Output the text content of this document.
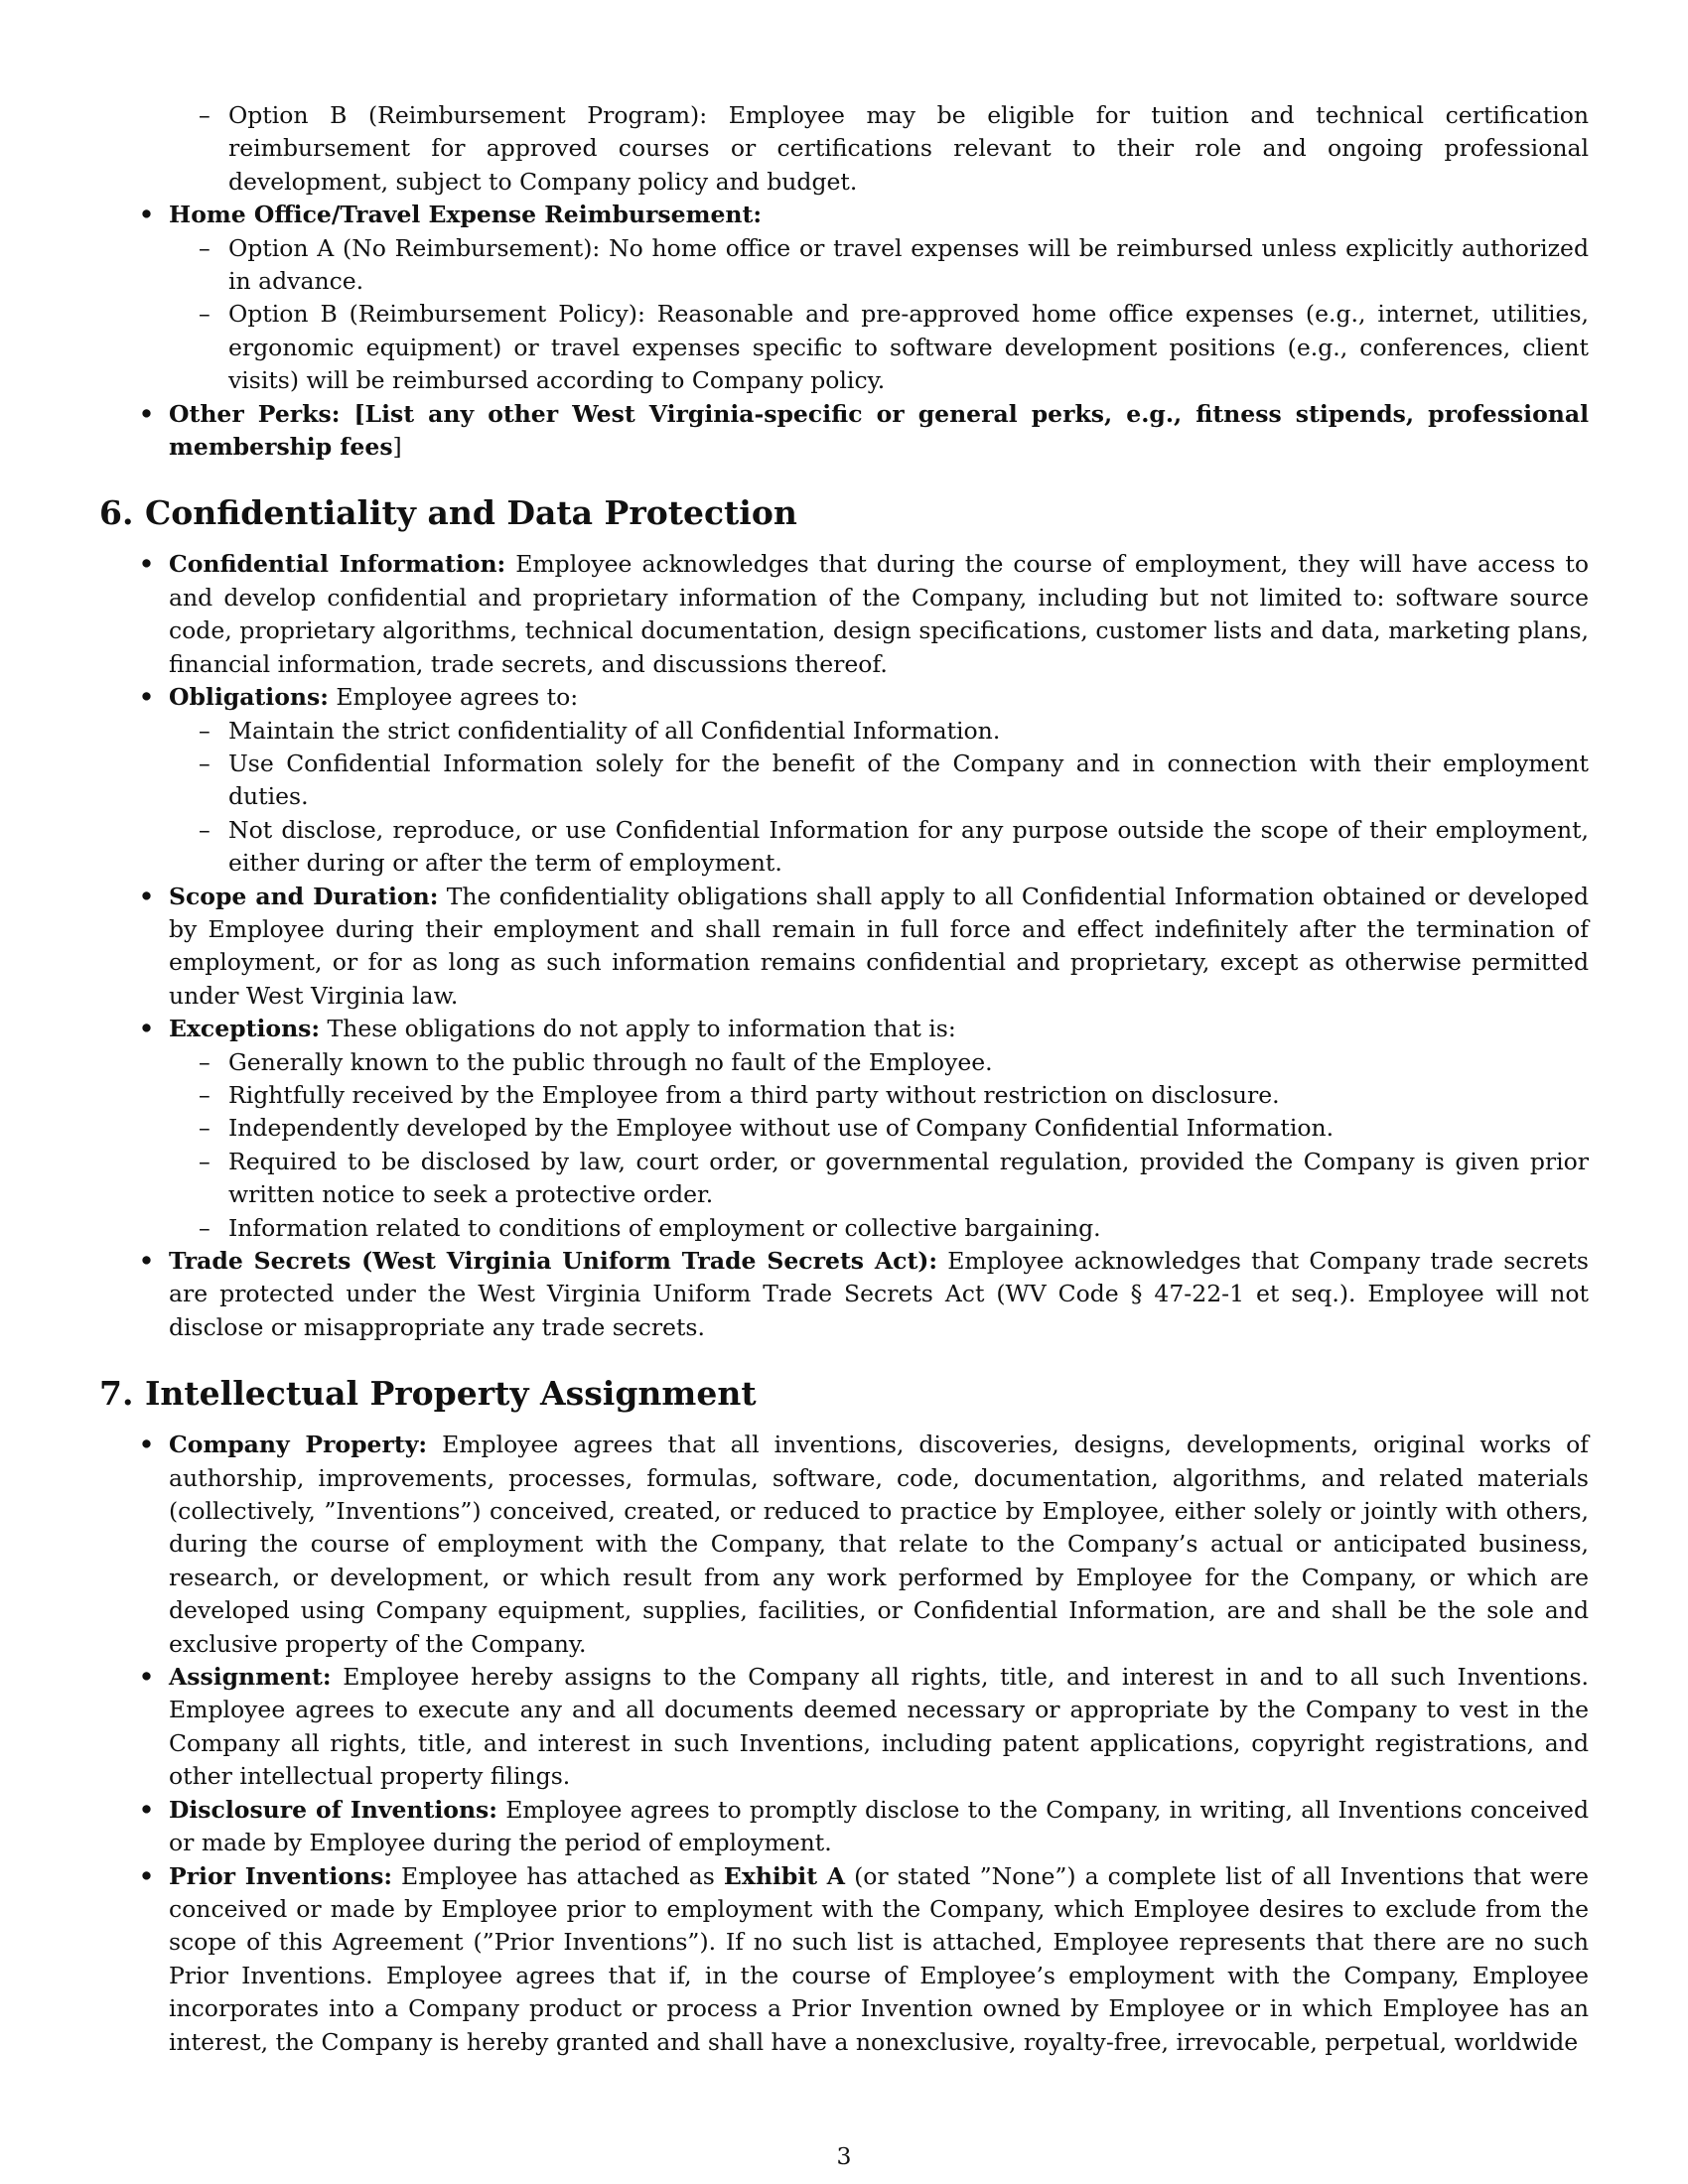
– Option B (Reimbursement Program): Employee may be eligible for tuition and technical certification reimbursement for approved courses or certifications relevant to their role and ongoing professional development, subject to Company policy and budget.
• Home Office/Travel Expense Reimbursement:
– Option A (No Reimbursement): No home office or travel expenses will be reimbursed unless explicitly authorized in advance.
– Option B (Reimbursement Policy): Reasonable and pre-approved home office expenses (e.g., internet, utilities, ergonomic equipment) or travel expenses specific to software development positions (e.g., conferences, client visits) will be reimbursed according to Company policy.
• Other Perks: [List any other West Virginia-specific or general perks, e.g., fitness stipends, professional membership fees]
6. Confidentiality and Data Protection
• Confidential Information: Employee acknowledges that during the course of employment, they will have access to and develop confidential and proprietary information of the Company, including but not limited to: software source code, proprietary algorithms, technical documentation, design specifications, customer lists and data, marketing plans, financial information, trade secrets, and discussions thereof.
• Obligations: Employee agrees to:
– Maintain the strict confidentiality of all Confidential Information.
– Use Confidential Information solely for the benefit of the Company and in connection with their employment duties.
– Not disclose, reproduce, or use Confidential Information for any purpose outside the scope of their employment, either during or after the term of employment.
• Scope and Duration: The confidentiality obligations shall apply to all Confidential Information obtained or developed by Employee during their employment and shall remain in full force and effect indefinitely after the termination of employment, or for as long as such information remains confidential and proprietary, except as otherwise permitted under West Virginia law.
• Exceptions: These obligations do not apply to information that is:
– Generally known to the public through no fault of the Employee.
– Rightfully received by the Employee from a third party without restriction on disclosure.
– Independently developed by the Employee without use of Company Confidential Information.
– Required to be disclosed by law, court order, or governmental regulation, provided the Company is given prior written notice to seek a protective order.
– Information related to conditions of employment or collective bargaining.
• Trade Secrets (West Virginia Uniform Trade Secrets Act): Employee acknowledges that Company trade secrets are protected under the West Virginia Uniform Trade Secrets Act (WV Code § 47-22-1 et seq.). Employee will not disclose or misappropriate any trade secrets.
7. Intellectual Property Assignment
• Company Property: Employee agrees that all inventions, discoveries, designs, developments, original works of authorship, improvements, processes, formulas, software, code, documentation, algorithms, and related materials (collectively, ”Inventions”) conceived, created, or reduced to practice by Employee, either solely or jointly with others, during the course of employment with the Company, that relate to the Company’s actual or anticipated business, research, or development, or which result from any work performed by Employee for the Company, or which are developed using Company equipment, supplies, facilities, or Confidential Information, are and shall be the sole and exclusive property of the Company.
• Assignment: Employee hereby assigns to the Company all rights, title, and interest in and to all such Inventions. Employee agrees to execute any and all documents deemed necessary or appropriate by the Company to vest in the Company all rights, title, and interest in such Inventions, including patent applications, copyright registrations, and other intellectual property filings.
• Disclosure of Inventions: Employee agrees to promptly disclose to the Company, in writing, all Inventions conceived or made by Employee during the period of employment.
• Prior Inventions: Employee has attached as Exhibit A (or stated ”None”) a complete list of all Inventions that were conceived or made by Employee prior to employment with the Company, which Employee desires to exclude from the scope of this Agreement (”Prior Inventions”). If no such list is attached, Employee represents that there are no such Prior Inventions. Employee agrees that if, in the course of Employee’s employment with the Company, Employee incorporates into a Company product or process a Prior Invention owned by Employee or in which Employee has an interest, the Company is hereby granted and shall have a nonexclusive, royalty-free, irrevocable, perpetual, worldwide
3
